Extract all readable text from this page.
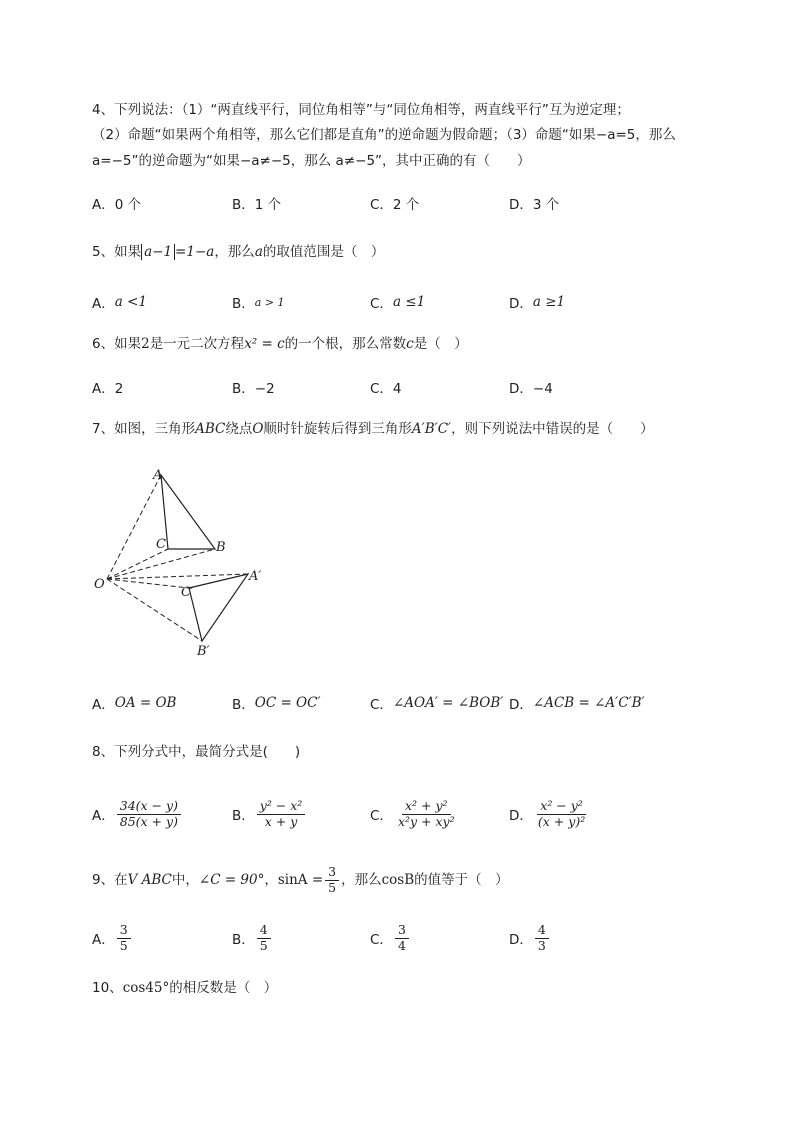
4、下列说法：（1）“两直线平行，同位角相等”与“同位角相等，两直线平行”互为逆定理；
（2）命题“如果两个角相等，那么它们都是直角”的逆命题为假命题；（3）命题“如果−a=5，那么
a=−5”的逆命题为“如果−a≠−5，那么 a≠−5”，其中正确的有（　　）
A．0 个	B．1 个	C．2 个	D．3 个
5、如果 a−1 =1−a，那么a的取值范围是（　）
A． a <1	B． a > 1	C． a ≤1	D． a ≥1
6、如果2是一元二次方程x² = c的一个根，那么常数c是（　）
A．2	B．−2	C．4	D．−4
7、如图，三角形ABC绕点O顺时针旋转后得到三角形A′B′C′，则下列说法中错误的是（　　）
A
B
C
O
A′
C′
B′
A． OA = OB	B． OC = OC′	C． ∠AOA′ = ∠BOB′ D． ∠ACB = ∠A′C′B′
8、下列分式中，最简分式是(　　)
A． $\frac{34(x - y)}{85(x + y)}$	B． $\frac{\text{y² − x²}}{x + y}$	C． $\frac{\text{x² + y²}}{\text{x²y + xy²}}$	D． $\frac{\text{x² − y²}}{\text{(x + y)²}}$
9、在 V ABC 中， ∠C = 90° ， $\sin A = \frac{3}{5}$ ，那么 cosB 的值等于（　）
A． $\frac{3}{5}$	B． $\frac{4}{5}$	C． $\frac{3}{4}$	D． $\frac{4}{3}$
10、cos45°的相反数是（　）
